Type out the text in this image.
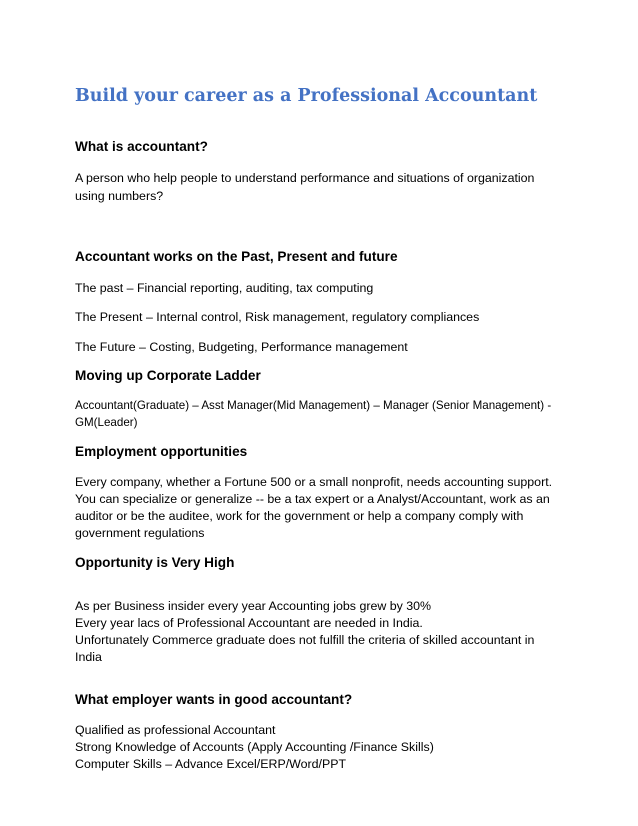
Build your career as a Professional Accountant
What is accountant?
A person who help people to understand performance and situations of organization
using numbers?
Accountant works on the Past, Present and future

The past – Financial reporting, auditing, tax computing

The Present – Internal control, Risk management, regulatory compliances

The Future – Costing, Budgeting, Performance management

Moving up Corporate Ladder
Accountant(Graduate) – Asst Manager(Mid Management) – Manager (Senior Management) -
GM(Leader)
Employment opportunities
Every company, whether a Fortune 500 or a small nonprofit, needs accounting support.
You can specialize or generalize -- be a tax expert or a Analyst/Accountant, work as an
auditor or be the auditee, work for the government or help a company comply with
government regulations
Opportunity is Very High
As per Business insider every year Accounting jobs grew by 30%
Every year lacs of Professional Accountant are needed in India.
Unfortunately Commerce graduate does not fulfill the criteria of skilled accountant in
India
What employer wants in good accountant?
Qualified as professional Accountant
Strong Knowledge of Accounts (Apply Accounting /Finance Skills)
Computer Skills – Advance Excel/ERP/Word/PPT
